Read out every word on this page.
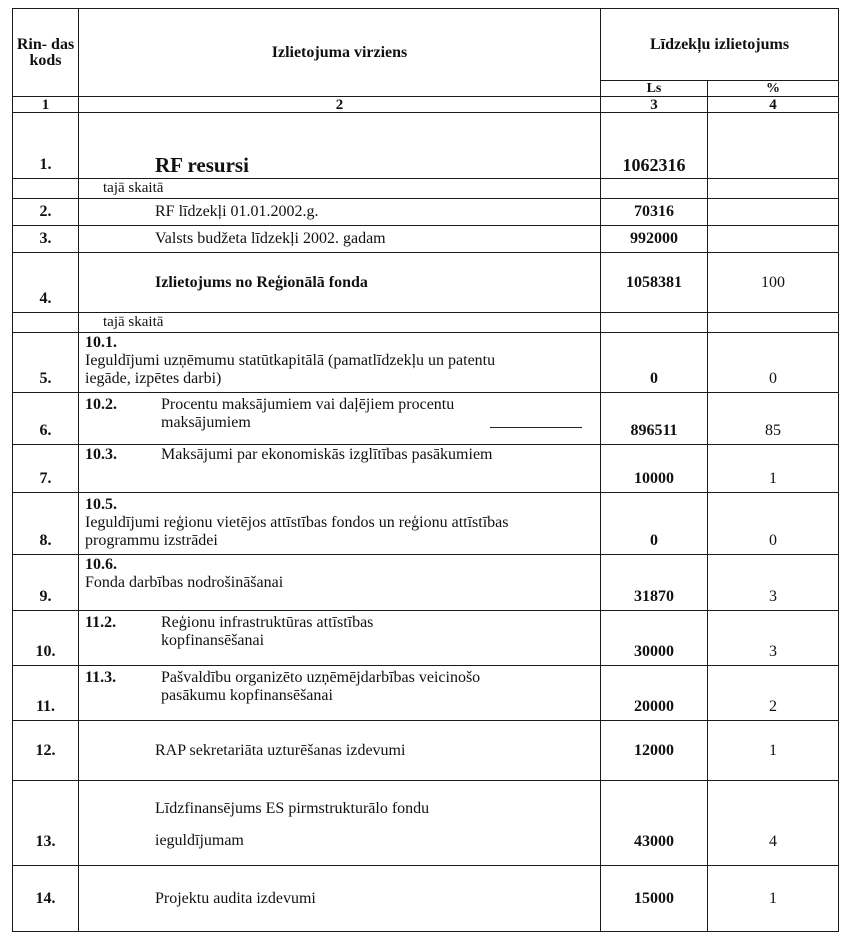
Rin- das kods	Izlietojuma virziens	Līdzekļu izlietojums	
		Ls	%
1	2	3	4
1.	RF resursi	1062316	
	tajā skaitā		
2.	RF līdzekļi 01.01.2002.g.	70316	
3.	Valsts budžeta līdzekļi 2002. gadam	992000	
4.	Izlietojums no Reģionālā fonda	1058381	100
	tajā skaitā		
5.	10.1.Ieguldījumi uzņēmumu statūtkapitālā (pamatlīdzekļu un patentu iegāde, izpētes darbi)	0	0
6.	10.2. Procentu maksājumiem vai daļējiem procentu maksājumiem	896511	85
7.	10.3. Maksājumi par ekonomiskās izglītības pasākumiem	10000	1
8.	10.5.Ieguldījumi reģionu vietējos attīstības fondos un reģionu attīstības programmu izstrādei	0	0
9.	10.6.Fonda darbības nodrošināšanai	31870	3
10.	11.2. Reģionu infrastruktūras attīstības kopfinansēšanai	30000	3
11.	11.3. Pašvaldību organizēto uzņēmējdarbības veicinošo pasākumu kopfinansēšanai	20000	2
12.	RAP sekretariāta uzturēšanas izdevumi	12000	1
13.	Līdzfinansējums ES pirmstrukturālo fondu ieguldījumam	43000	4
14.	Projektu audita izdevumi	15000	1
